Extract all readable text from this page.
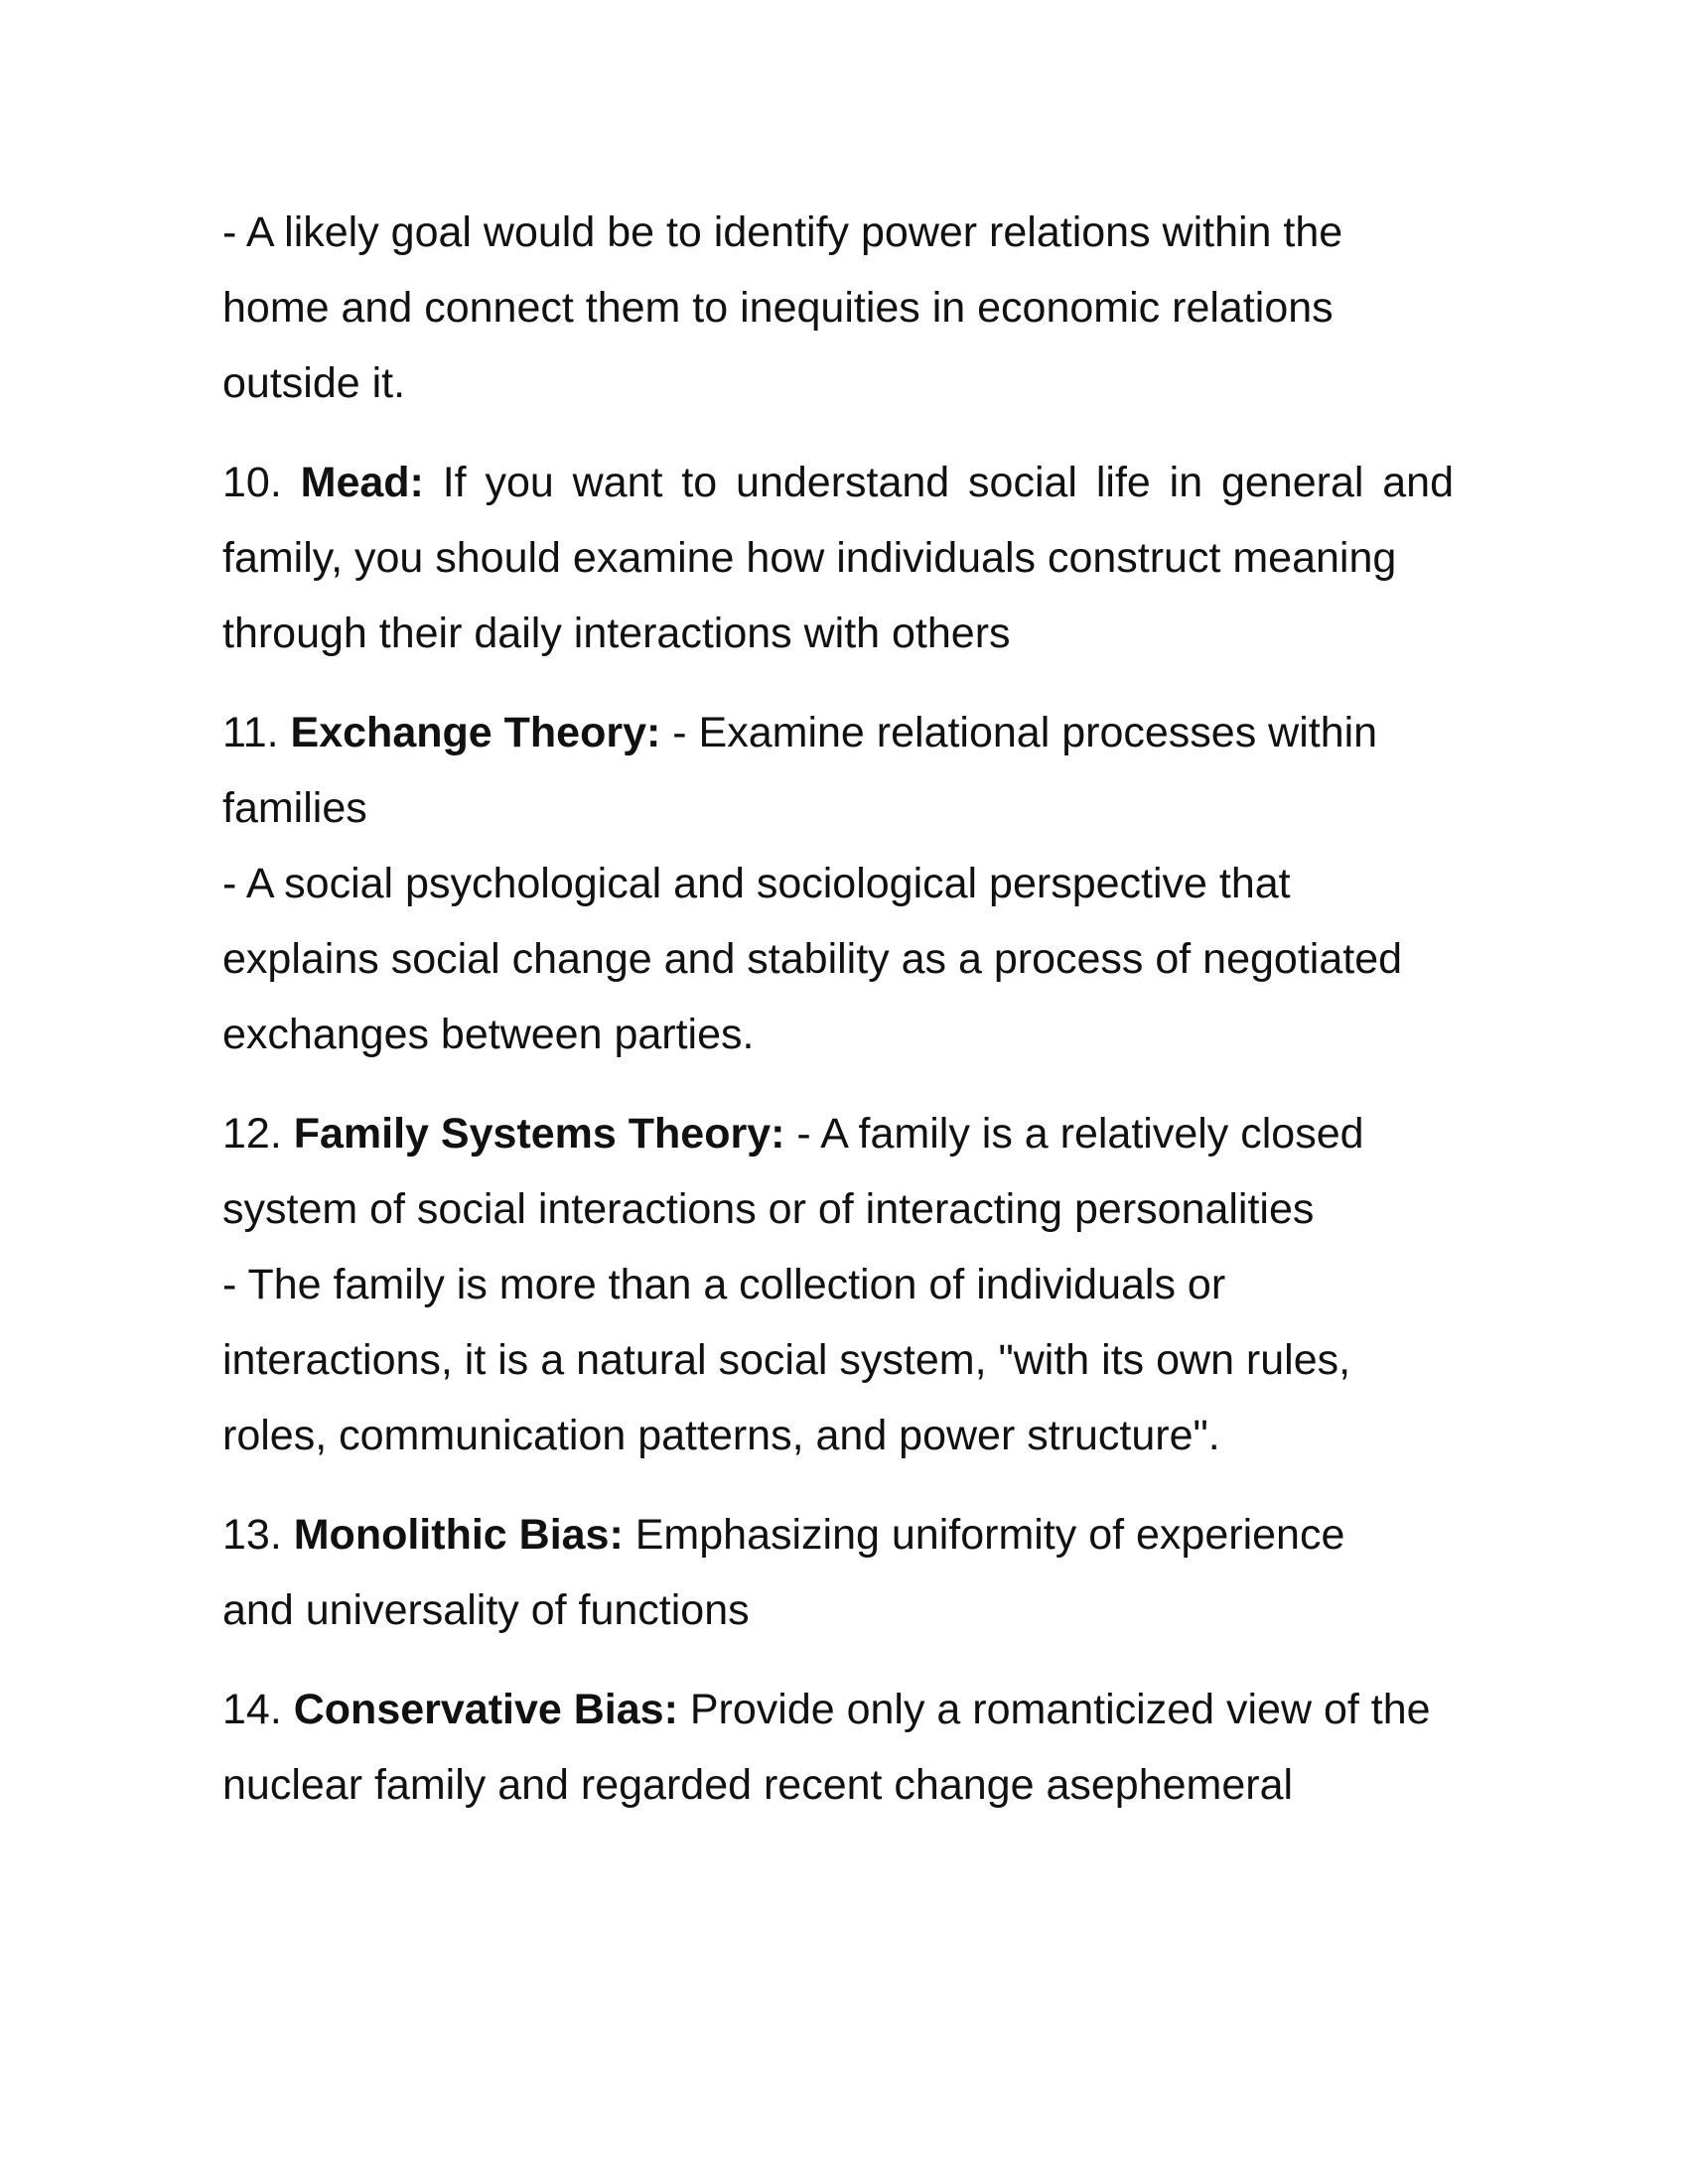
- A likely goal would be to identify power relations within the
home and connect them to inequities in economic relations
outside it.
10. Mead: If you want to understand social life in general and
family, you should examine how individuals construct meaning
through their daily interactions with others
11. Exchange Theory: - Examine relational processes within
families
- A social psychological and sociological perspective that
explains social change and stability as a process of negotiated
exchanges between parties.
12. Family Systems Theory: - A family is a relatively closed
system of social interactions or of interacting personalities
- The family is more than a collection of individuals or
interactions, it is a natural social system, "with its own rules,
roles, communication patterns, and power structure".
13. Monolithic Bias: Emphasizing uniformity of experience
and universality of functions
14. Conservative Bias: Provide only a romanticized view of the
nuclear family and regarded recent change asephemeral
